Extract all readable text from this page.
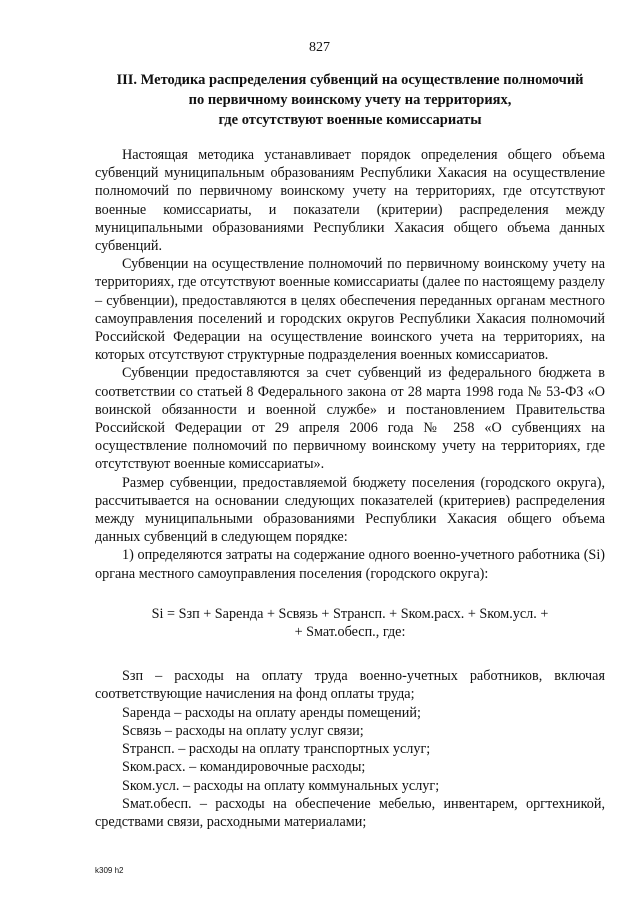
827
III. Методика распределения субвенций на осуществление полномочий
по первичному воинскому учету на территориях,
где отсутствуют военные комиссариаты

Настоящая методика устанавливает порядок определения общего объема субвенций муниципальным образованиям Республики Хакасия на осуществление полномочий по первичному воинскому учету на территориях, где отсутствуют военные комиссариаты, и показатели (критерии) распределения между муниципальными образованиями Республики Хакасия общего объема данных субвенций.

Субвенции на осуществление полномочий по первичному воинскому учету на территориях, где отсутствуют военные комиссариаты (далее по настоящему разделу – субвенции), предоставляются в целях обеспечения переданных органам местного самоуправления поселений и городских округов Республики Хакасия полномочий Российской Федерации на осуществление воинского учета на территориях, на которых отсутствуют структурные подразделения военных комиссариатов.

Субвенции предоставляются за счет субвенций из федерального бюджета в соответствии со статьей 8 Федерального закона от 28 марта 1998 года № 53-ФЗ «О воинской обязанности и военной службе» и постановлением Правительства Российской Федерации от 29 апреля 2006 года № 258 «О субвенциях на осуществление полномочий по первичному воинскому учету на территориях, где отсутствуют военные комиссариаты».

Размер субвенции, предоставляемой бюджету поселения (городского округа), рассчитывается на основании следующих показателей (критериев) распределения между муниципальными образованиями Республики Хакасия общего объема данных субвенций в следующем порядке:

1) определяются затраты на содержание одного военно-учетного работника (Si) органа местного самоуправления поселения (городского округа):

Si = Sзп + Sаренда + Sсвязь + Sтрансп. + Sком.расх. + Sком.усл. +
+ Sмат.обесп., где:

Sзп – расходы на оплату труда военно-учетных работников, включая соответствующие начисления на фонд оплаты труда;

Sаренда – расходы на оплату аренды помещений;

Sсвязь – расходы на оплату услуг связи;

Sтрансп. – расходы на оплату транспортных услуг;

Sком.расх. – командировочные расходы;

Sком.усл. – расходы на оплату коммунальных услуг;

Sмат.обесп. – расходы на обеспечение мебелью, инвентарем, оргтехникой, средствами связи, расходными материалами;

k309 h2
